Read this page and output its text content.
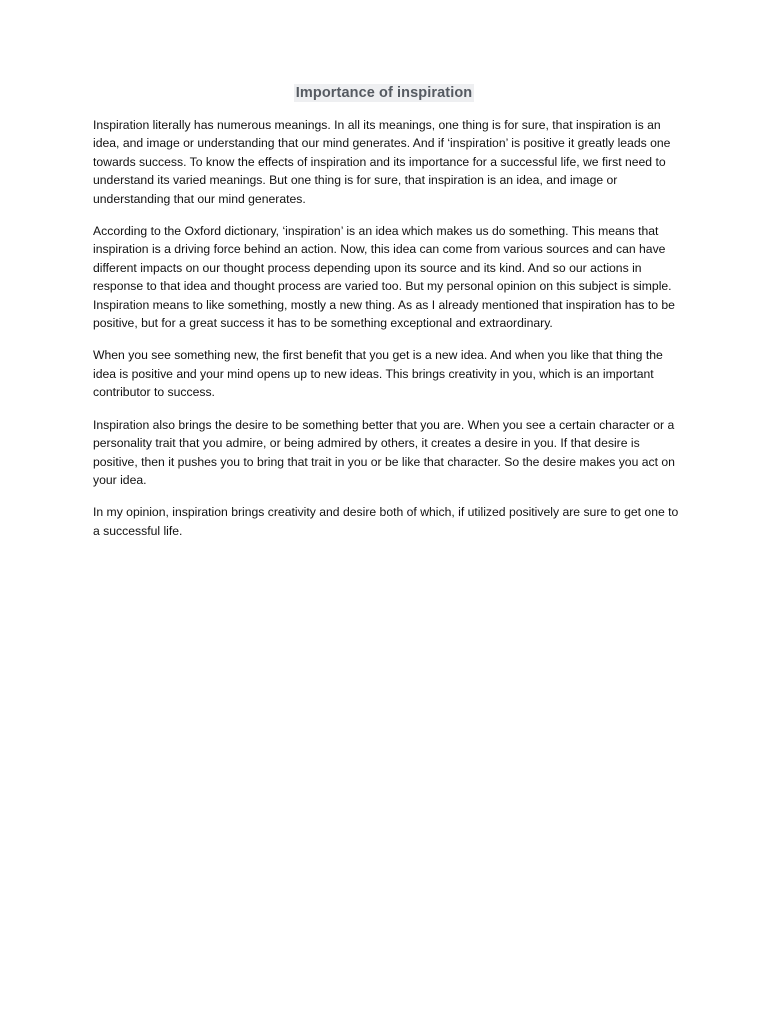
Importance of inspiration

Inspiration literally has numerous meanings. In all its meanings, one thing is for sure, that inspiration is an idea, and image or understanding that our mind generates. And if ‘inspiration’ is positive it greatly leads one towards success. To know the effects of inspiration and its importance for a successful life, we first need to understand its varied meanings. But one thing is for sure, that inspiration is an idea, and image or understanding that our mind generates.

According to the Oxford dictionary, ‘inspiration’ is an idea which makes us do something. This means that inspiration is a driving force behind an action. Now, this idea can come from various sources and can have different impacts on our thought process depending upon its source and its kind. And so our actions in response to that idea and thought process are varied too. But my personal opinion on this subject is simple. Inspiration means to like something, mostly a new thing. As as I already mentioned that inspiration has to be positive, but for a great success it has to be something exceptional and extraordinary.

When you see something new, the first benefit that you get is a new idea. And when you like that thing the idea is positive and your mind opens up to new ideas. This brings creativity in you, which is an important contributor to success.

Inspiration also brings the desire to be something better that you are. When you see a certain character or a personality trait that you admire, or being admired by others, it creates a desire in you. If that desire is positive, then it pushes you to bring that trait in you or be like that character. So the desire makes you act on your idea.

In my opinion, inspiration brings creativity and desire both of which, if utilized positively are sure to get one to a successful life.
